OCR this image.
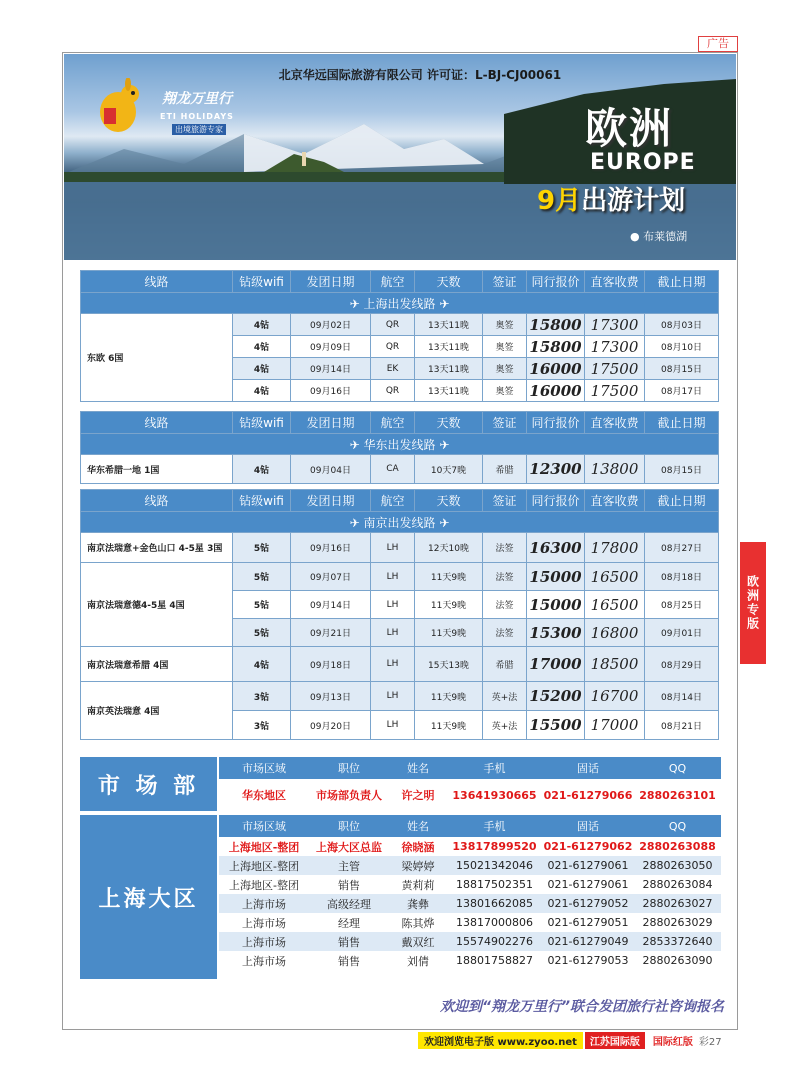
广告
北京华远国际旅游有限公司 许可证：L-BJ-CJ00061
翔龙万里行
ETI HOLIDAYS
出境旅游专家	欧洲
EUROPE
9月出游计划
● 布莱德湖
线路	钻级wifi	发团日期	航空	天数	签证	同行报价	直客收费	截止日期
✈ 上海出发线路 ✈								
东欧 6国	4钻	09月02日	QR	13天11晚	奥签	15800	17300	08月03日
	4钻	09月09日	QR	13天11晚	奥签	15800	17300	08月10日
	4钻	09月14日	EK	13天11晚	奥签	16000	17500	08月15日
	4钻	09月16日	QR	13天11晚	奥签	16000	17500	08月17日
线路	钻级wifi	发团日期	航空	天数	签证	同行报价	直客收费	截止日期
✈ 华东出发线路 ✈								
华东希腊一地 1国	4钻	09月04日	CA	10天7晚	希腊	12300	13800	08月15日
线路	钻级wifi	发团日期	航空	天数	签证	同行报价	直客收费	截止日期
✈ 南京出发线路 ✈								
南京法瑞意+金色山口 4-5星 3国	5钻	09月16日	LH	12天10晚	法签	16300	17800	08月27日
南京法瑞意德4-5星 4国	5钻	09月07日	LH	11天9晚	法签	15000	16500	08月18日
	5钻	09月14日	LH	11天9晚	法签	15000	16500	08月25日
	5钻	09月21日	LH	11天9晚	法签	15300	16800	09月01日
南京法瑞意希腊 4国	4钻	09月18日	LH	15天13晚	希腊	17000	18500	08月29日
南京英法瑞意 4国	3钻	09月13日	LH	11天9晚	英+法	15200	16700	08月14日
	3钻	09月20日	LH	11天9晚	英+法	15500	17000	08月21日
市 场 部
市场区域	职位	姓名	手机	固话	QQ
华东地区	市场部负责人	许之明	13641930665	021-61279066	2880263101
上海大区
市场区域	职位	姓名	手机	固话	QQ
上海地区-整团	上海大区总监	徐晓涵	13817899520	021-61279062	2880263088
上海地区-整团	主管	梁婷婷	15021342046	021-61279061	2880263050
上海地区-整团	销售	黄莉莉	18817502351	021-61279061	2880263084
上海市场	高级经理	龚彝	13801662085	021-61279052	2880263027
上海市场	经理	陈其烨	13817000806	021-61279051	2880263029
上海市场	销售	戴双红	15574902276	021-61279049	2853372640
上海市场	销售	刘倩	18801758827	021-61279053	2880263090
欢迎到“翔龙万里行”联合发团旅行社咨询报名
欢迎浏览电子版 www.zyoo.net	江苏国际版	国际红版 彩27
欧洲专版
